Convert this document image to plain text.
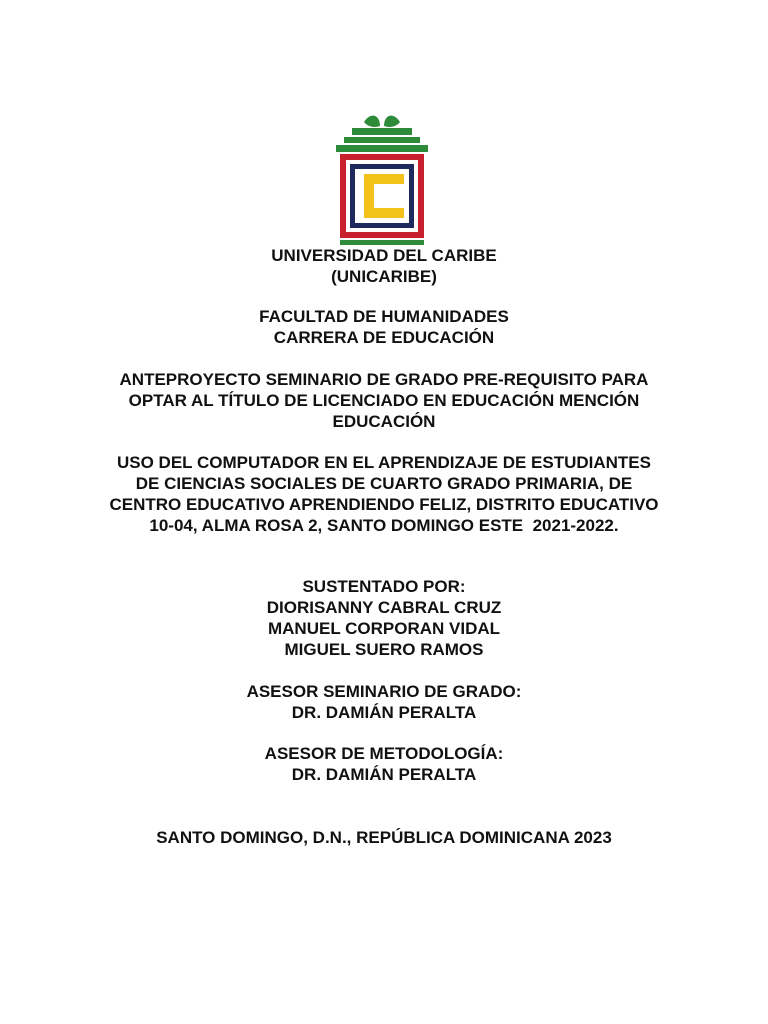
UNIVERSIDAD DEL CARIBE

(UNICARIBE)

FACULTAD DE HUMANIDADES

CARRERA DE EDUCACIÓN

ANTEPROYECTO SEMINARIO DE GRADO PRE-REQUISITO PARA

OPTAR AL TÍTULO DE LICENCIADO EN EDUCACIÓN MENCIÓN

EDUCACIÓN

USO DEL COMPUTADOR EN EL APRENDIZAJE DE ESTUDIANTES

DE CIENCIAS SOCIALES DE CUARTO GRADO PRIMARIA, DE

CENTRO EDUCATIVO APRENDIENDO FELIZ, DISTRITO EDUCATIVO

10-04, ALMA ROSA 2, SANTO DOMINGO ESTE  2021-2022.

SUSTENTADO POR:

DIORISANNY CABRAL CRUZ

MANUEL CORPORAN VIDAL

MIGUEL SUERO RAMOS

ASESOR SEMINARIO DE GRADO:

DR. DAMIÁN PERALTA

ASESOR DE METODOLOGÍA:

DR. DAMIÁN PERALTA

SANTO DOMINGO, D.N., REPÚBLICA DOMINICANA 2023
